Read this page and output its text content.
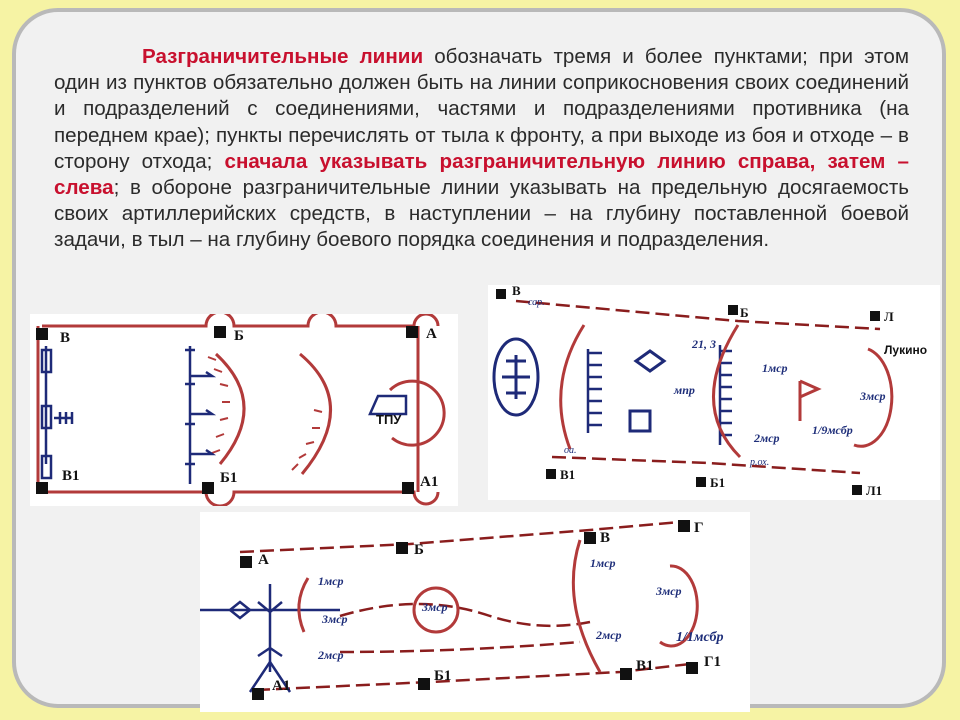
Разграничительные линии обозначать тремя и более пунктами; при этом один из пунктов обязательно должен быть на линии соприкосновения своих соединений и подразделений с соединениями, частями и подразделениями противника (на переднем крае); пункты перечислять от тыла к фронту, а при выходе из боя и отходе – в сторону отхода; сначала указывать разграничительную линию справа, затем – слева; в обороне разграничительные линии указывать на предельную досягаемость своих артиллерийских средств, в наступлении – на глубину поставленной боевой задачи, в тыл – на глубину боевого порядка соединения и подразделения.

В
В1
Б
Б1
А
А1
ТПУ
В
Б	Л
Лукино
В1
Б1
Л1
сар.
21, 3
1мср
мпр
2мср
3мср
1/9мсбр
оа.
р.ох.
А
Б
В
Г
А1
Б1
В1	Г1
1мср
3мср
2мср
3мср
1мср
3мср
2мср	1/1мсбр
